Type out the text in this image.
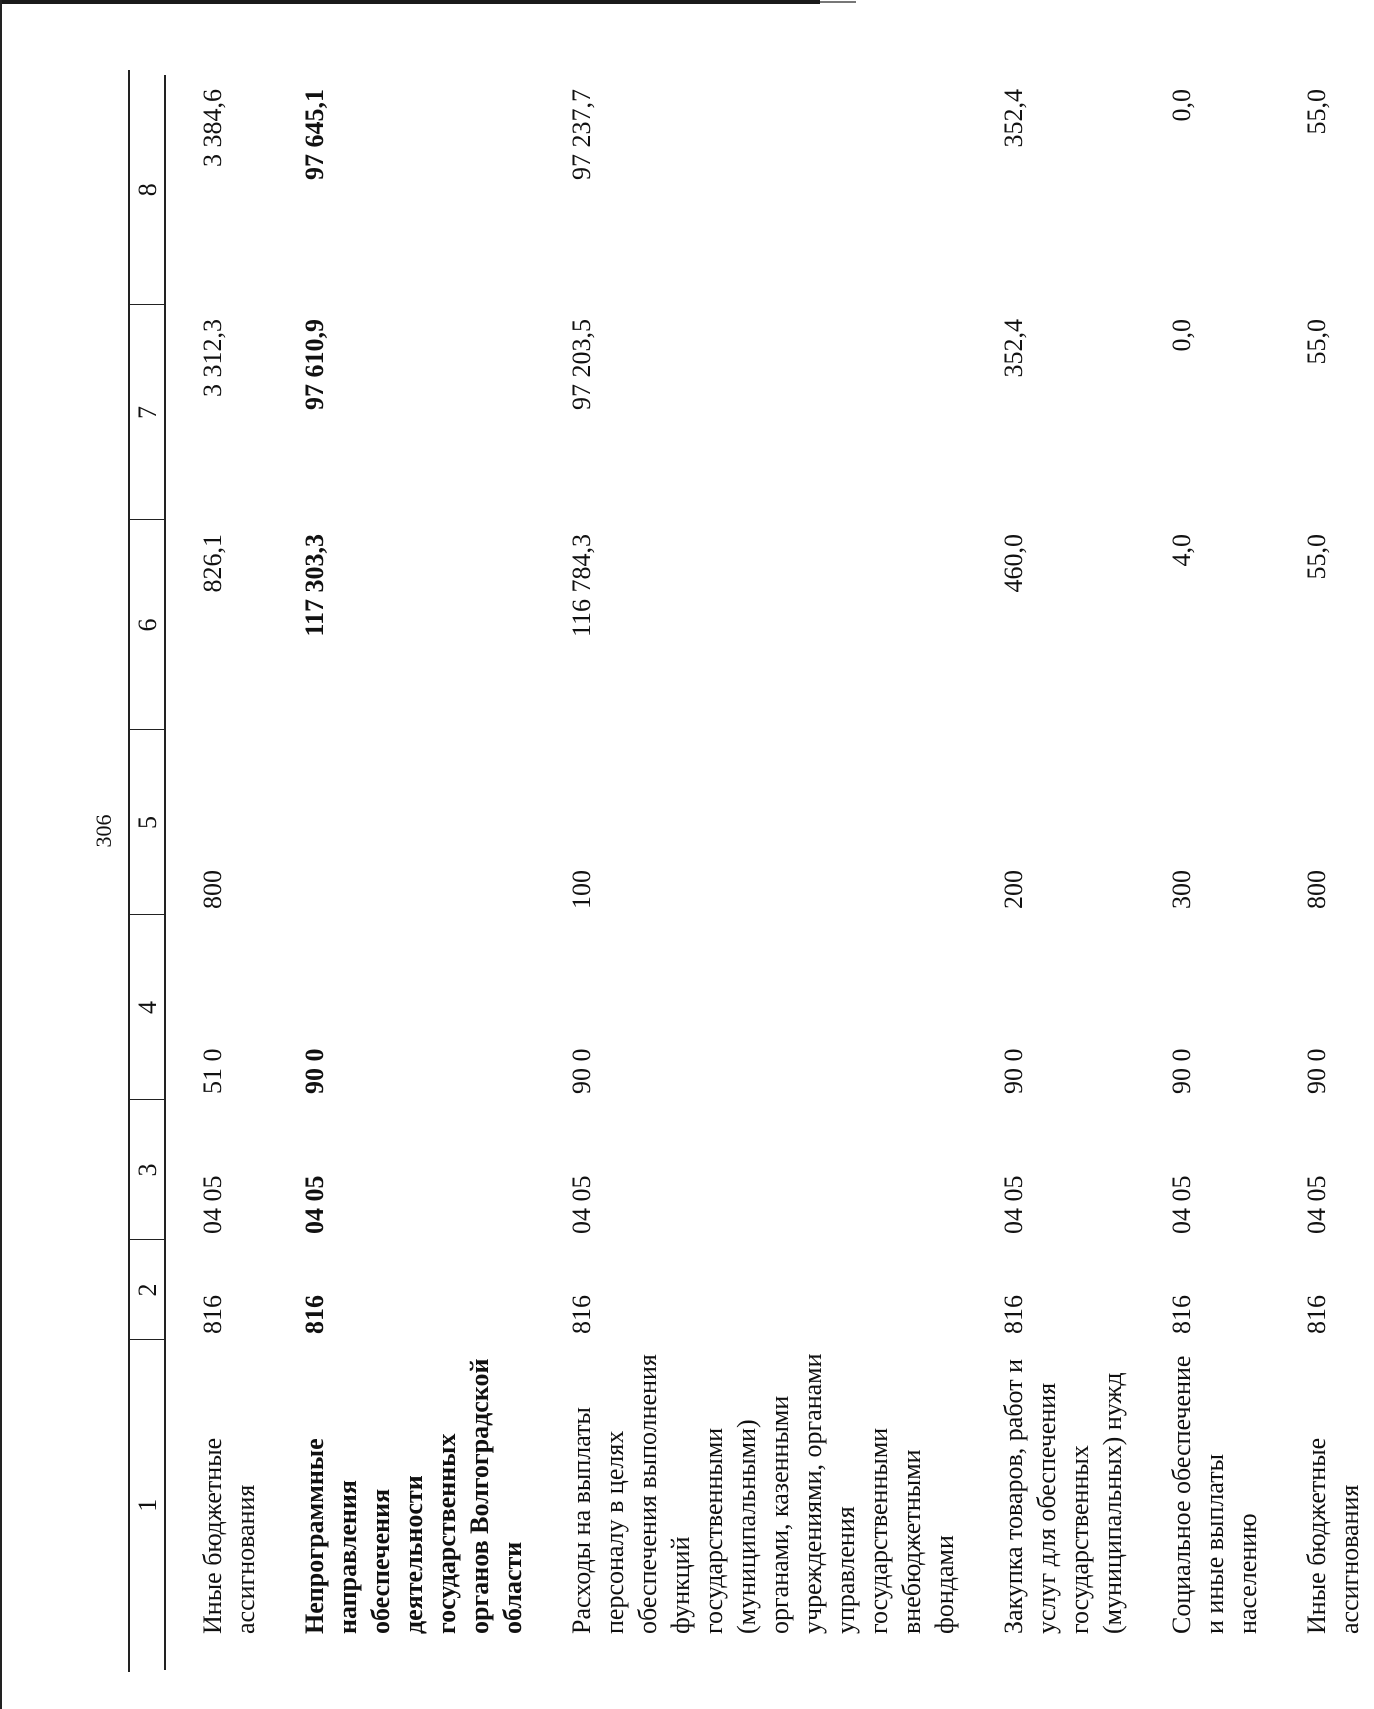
306
1	2	3	4	5	6	7	8
Иные бюджетные ассигнования	816	04 05	51 0	800	826,1	3 312,3	3 384,6
Непрограммные направления обеспечения деятельности государственных органов Волгоградской области	816	04 05	90 0		117 303,3	97 610,9	97 645,1
Расходы на выплаты персоналу в целях обеспечения выполнения функций государственными (муниципальными) органами, казенными учреждениями, органами управления государственными внебюджетными фондами	816	04 05	90 0	100	116 784,3	97 203,5	97 237,7
Закупка товаров, работ и услуг для обеспечения государственных (муниципальных) нужд	816	04 05	90 0	200	460,0	352,4	352,4
Социальное обеспечение и иные выплаты населению	816	04 05	90 0	300	4,0	0,0	0,0
Иные бюджетные ассигнования	816	04 05	90 0	800	55,0	55,0	55,0
